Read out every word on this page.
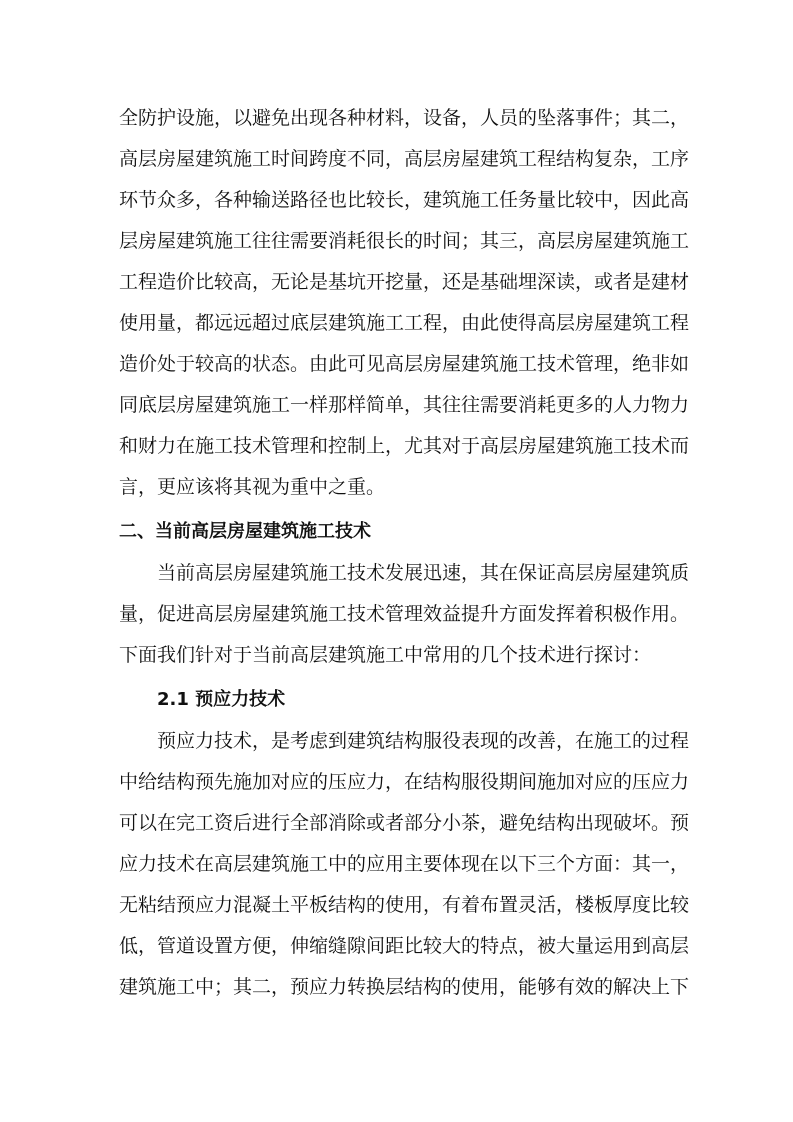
全防护设施，以避免出现各种材料，设备，人员的坠落事件；其二，
高层房屋建筑施工时间跨度不同，高层房屋建筑工程结构复杂，工序
环节众多，各种输送路径也比较长，建筑施工任务量比较中，因此高
层房屋建筑施工往往需要消耗很长的时间；其三，高层房屋建筑施工
工程造价比较高，无论是基坑开挖量，还是基础埋深读，或者是建材
使用量，都远远超过底层建筑施工工程，由此使得高层房屋建筑工程
造价处于较高的状态。由此可见高层房屋建筑施工技术管理，绝非如
同底层房屋建筑施工一样那样简单，其往往需要消耗更多的人力物力
和财力在施工技术管理和控制上，尤其对于高层房屋建筑施工技术而
言，更应该将其视为重中之重。
二、当前高层房屋建筑施工技术
当前高层房屋建筑施工技术发展迅速，其在保证高层房屋建筑质
量，促进高层房屋建筑施工技术管理效益提升方面发挥着积极作用。
下面我们针对于当前高层建筑施工中常用的几个技术进行探讨：
2.1 预应力技术
预应力技术，是考虑到建筑结构服役表现的改善，在施工的过程
中给结构预先施加对应的压应力，在结构服役期间施加对应的压应力
可以在完工资后进行全部消除或者部分小茶，避免结构出现破坏。预
应力技术在高层建筑施工中的应用主要体现在以下三个方面：其一，
无粘结预应力混凝土平板结构的使用，有着布置灵活，楼板厚度比较
低，管道设置方便，伸缩缝隙间距比较大的特点，被大量运用到高层
建筑施工中；其二，预应力转换层结构的使用，能够有效的解决上下
